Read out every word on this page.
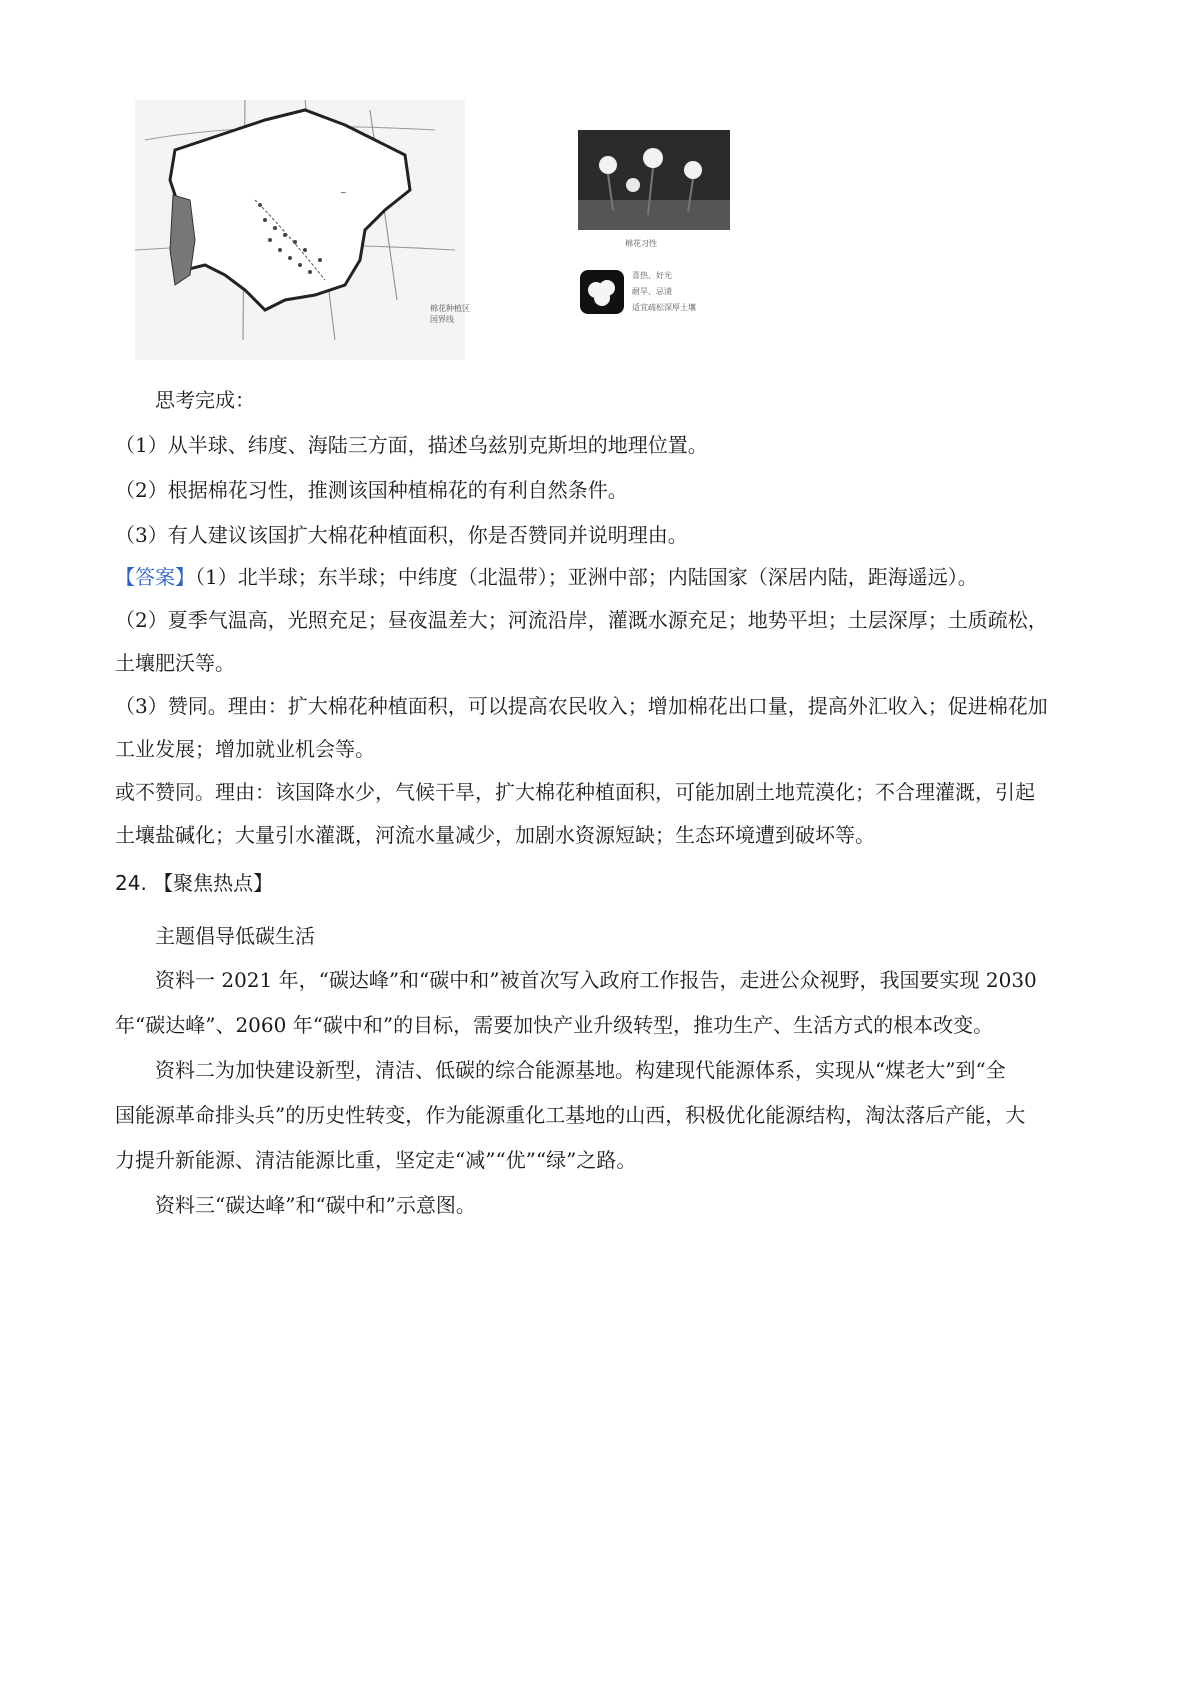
~
棉花种植区
国界线
棉花习性
喜热、好光
耐旱、忌渍
适宜疏松深厚土壤
思考完成：
（1）从半球、纬度、海陆三方面，描述乌兹别克斯坦的地理位置。
（2）根据棉花习性，推测该国种植棉花的有利自然条件。
（3）有人建议该国扩大棉花种植面积，你是否赞同并说明理由。
【答案】（1）北半球；东半球；中纬度（北温带）；亚洲中部；内陆国家（深居内陆，距海遥远）。
（2）夏季气温高，光照充足；昼夜温差大；河流沿岸，灌溉水源充足；地势平坦；土层深厚；土质疏松，
土壤肥沃等。
（3）赞同。理由：扩大棉花种植面积，可以提高农民收入；增加棉花出口量，提高外汇收入；促进棉花加
工业发展；增加就业机会等。
或不赞同。理由：该国降水少，气候干旱，扩大棉花种植面积，可能加剧土地荒漠化；不合理灌溉，引起
土壤盐碱化；大量引水灌溉，河流水量减少，加剧水资源短缺；生态环境遭到破坏等。
24. 【聚焦热点】
主题倡导低碳生活
资料一 2021 年，“碳达峰”和“碳中和”被首次写入政府工作报告，走进公众视野，我国要实现 2030
年“碳达峰”、2060 年“碳中和”的目标，需要加快产业升级转型，推功生产、生活方式的根本改变。
资料二为加快建设新型，清洁、低碳的综合能源基地。构建现代能源体系，实现从“煤老大”到“全
国能源革命排头兵”的历史性转变，作为能源重化工基地的山西，积极优化能源结构，淘汰落后产能，大
力提升新能源、清洁能源比重，坚定走“减”“优”“绿”之路。
资料三“碳达峰”和“碳中和”示意图。
